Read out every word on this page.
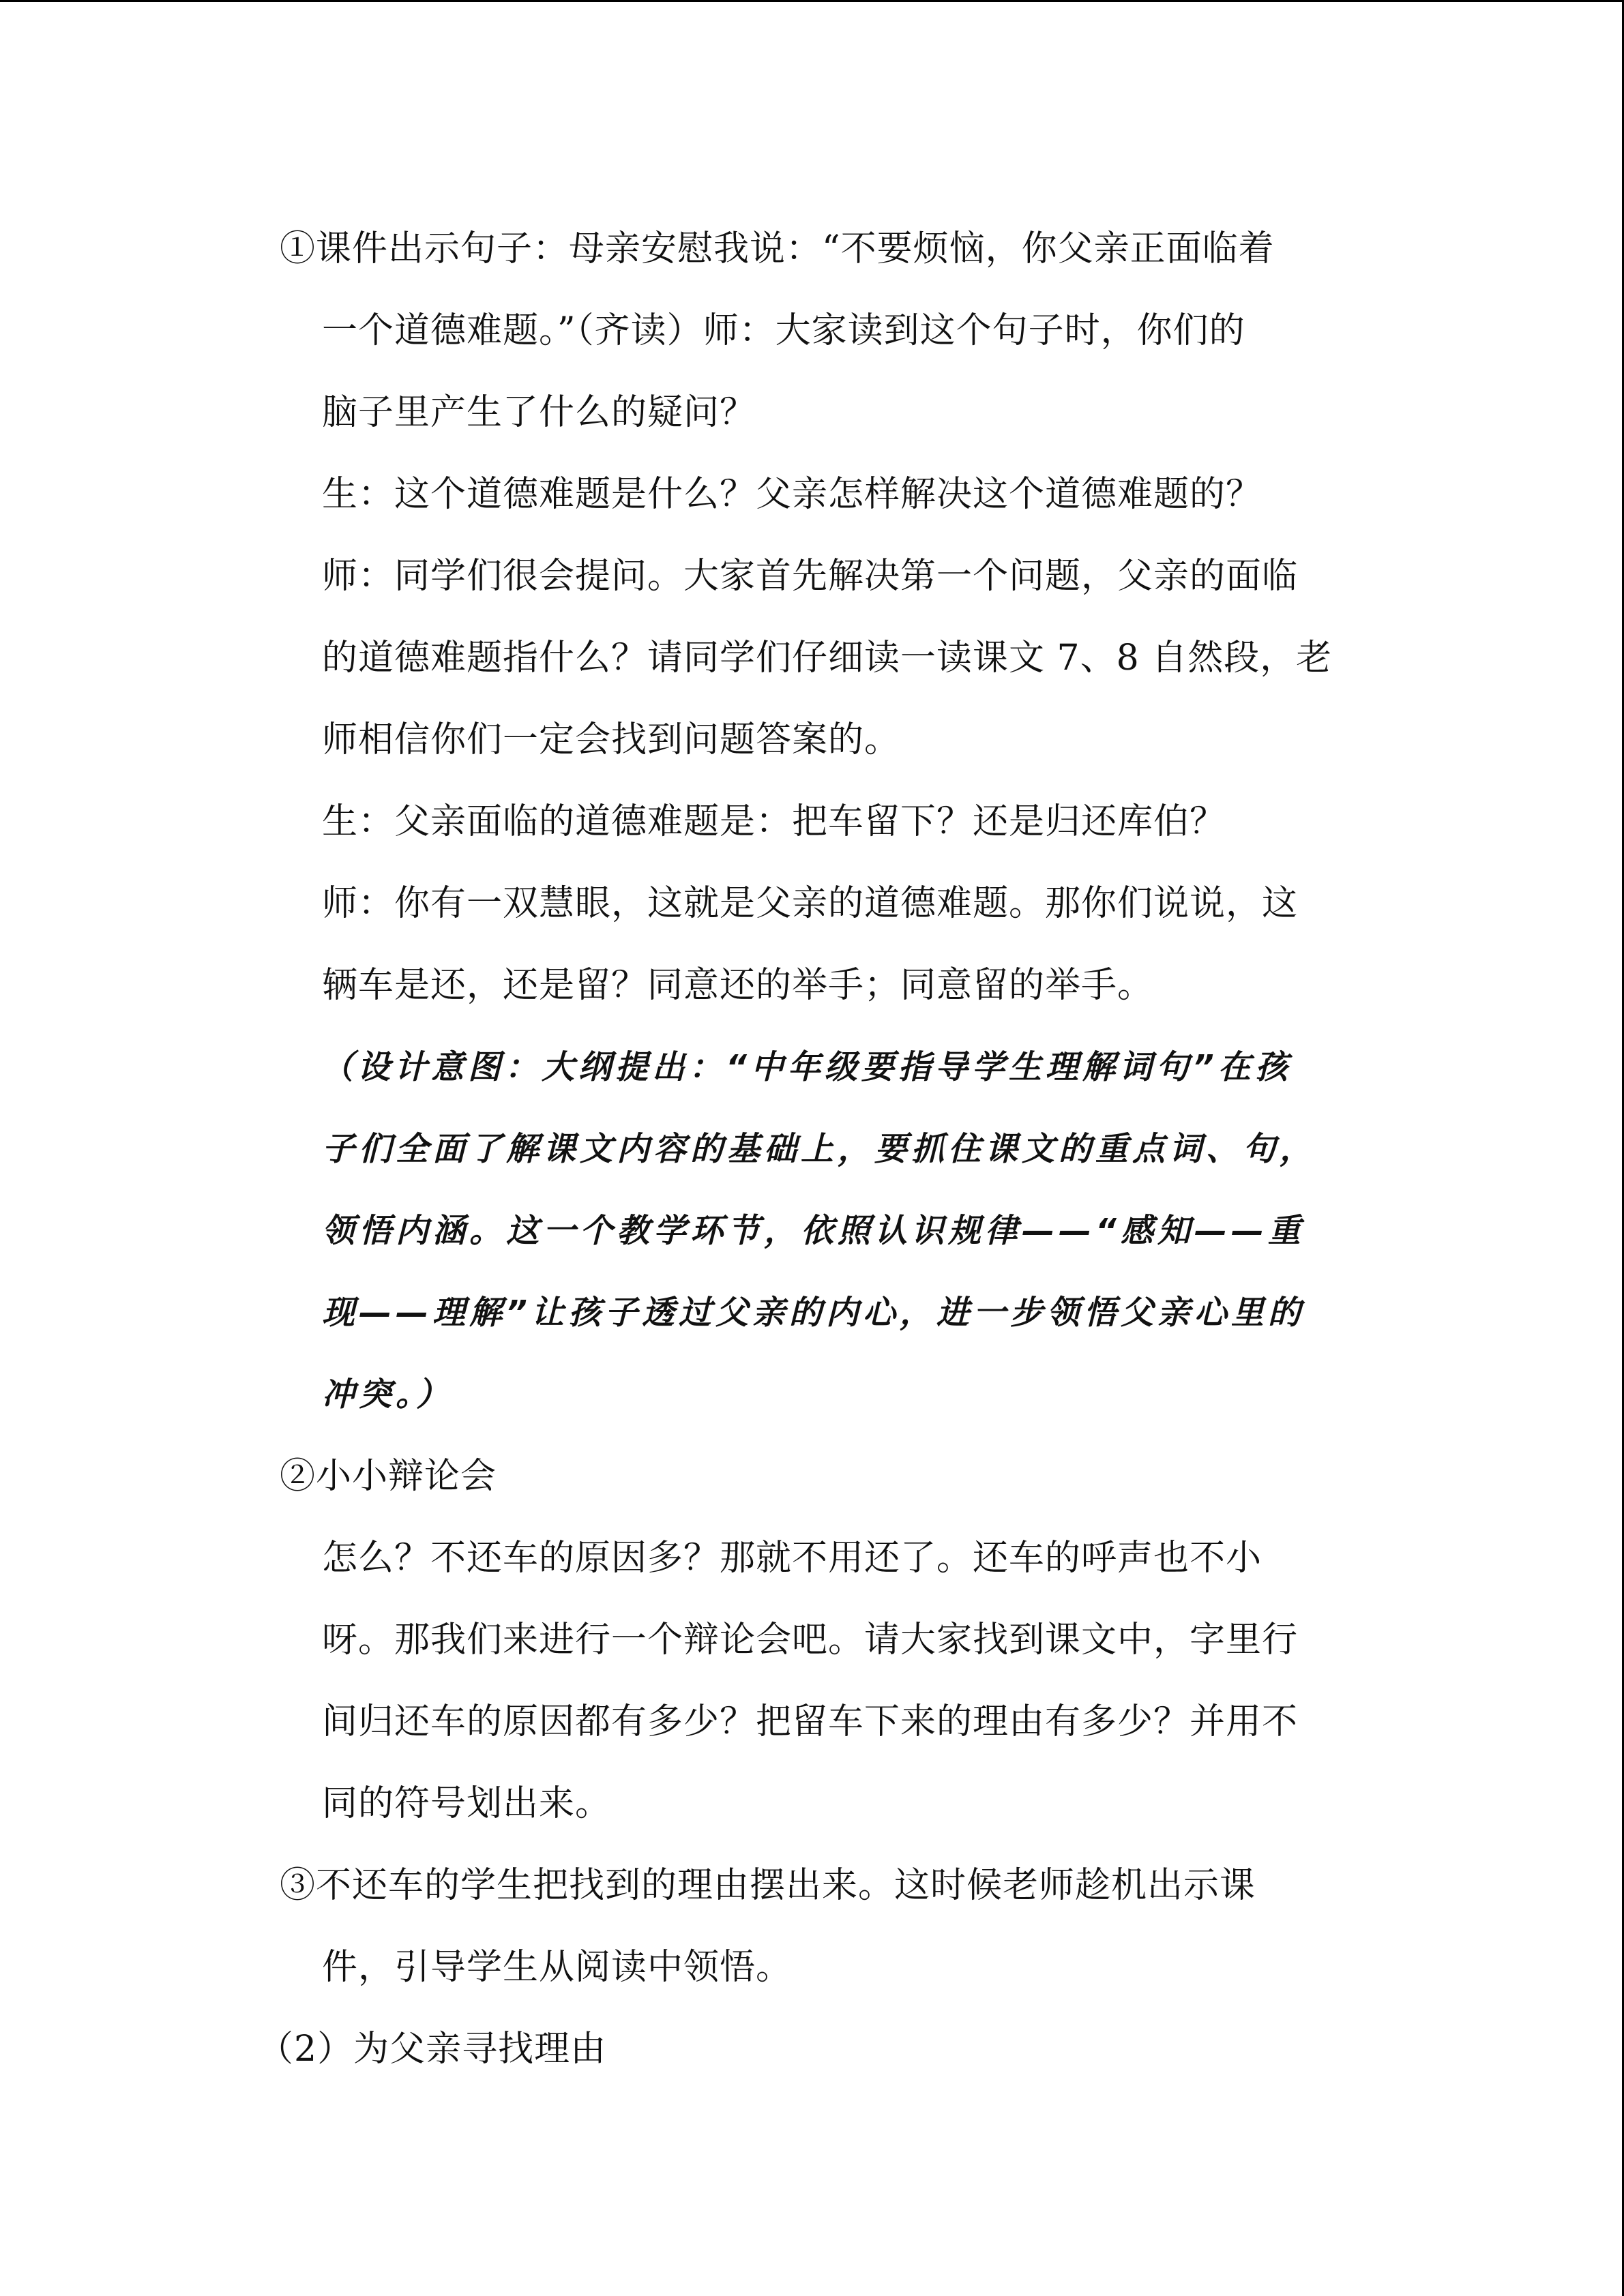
①课件出示句子：母亲安慰我说：“不要烦恼，你父亲正面临着
一个道德难题。”（齐读）师：大家读到这个句子时，你们的
脑子里产生了什么的疑问？
生：这个道德难题是什么？父亲怎样解决这个道德难题的？
师：同学们很会提问。大家首先解决第一个问题，父亲的面临
的道德难题指什么？请同学们仔细读一读课文 7、8 自然段，老
师相信你们一定会找到问题答案的。
生：父亲面临的道德难题是：把车留下？还是归还库伯？
师：你有一双慧眼，这就是父亲的道德难题。那你们说说，这
辆车是还，还是留？同意还的举手；同意留的举手。
（设计意图：大纲提出：“中年级要指导学生理解词句”在孩
子们全面了解课文内容的基础上，要抓住课文的重点词、句，
领悟内涵。这一个教学环节，依照认识规律——“感知——重
现——理解”让孩子透过父亲的内心，进一步领悟父亲心里的
冲突。）
②小小辩论会
怎么？不还车的原因多？那就不用还了。还车的呼声也不小
呀。那我们来进行一个辩论会吧。请大家找到课文中，字里行
间归还车的原因都有多少？把留车下来的理由有多少？并用不
同的符号划出来。
③不还车的学生把找到的理由摆出来。这时候老师趁机出示课
件，引导学生从阅读中领悟。
（2）为父亲寻找理由
